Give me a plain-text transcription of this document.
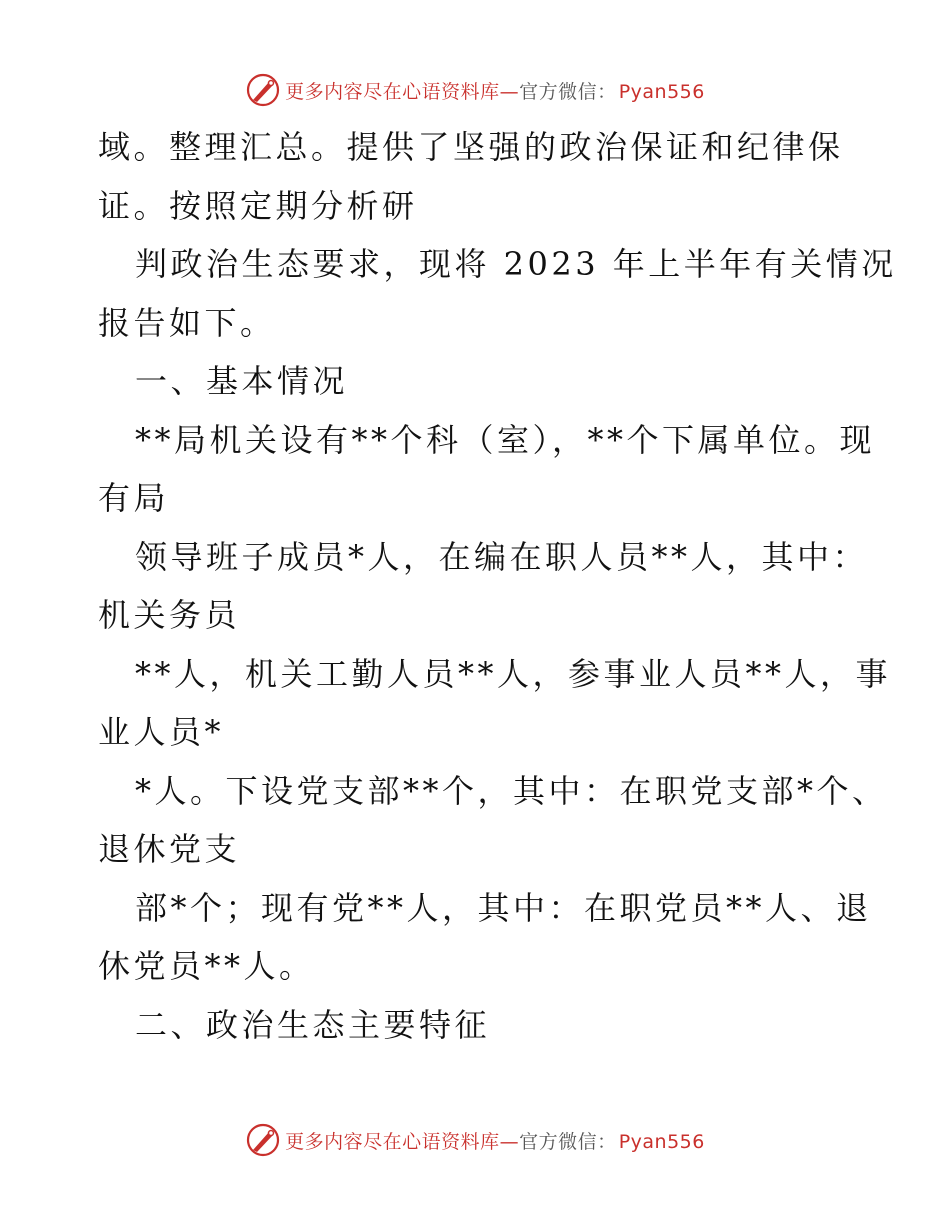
更多内容尽在心语资料库—官方微信： Pyan556
域。整理汇总。提供了坚强的政治保证和纪律保
证。按照定期分析研
判政治生态要求，现将 2023 年上半年有关情况
报告如下。
一、基本情况
**局机关设有**个科（室），**个下属单位。现
有局
领导班子成员*人，在编在职人员**人，其中：
机关务员
**人，机关工勤人员**人，参事业人员**人，事
业人员*
*人。下设党支部**个，其中：在职党支部*个、
退休党支
部*个；现有党**人，其中：在职党员**人、退
休党员**人。
二、政治生态主要特征
更多内容尽在心语资料库—官方微信： Pyan556
